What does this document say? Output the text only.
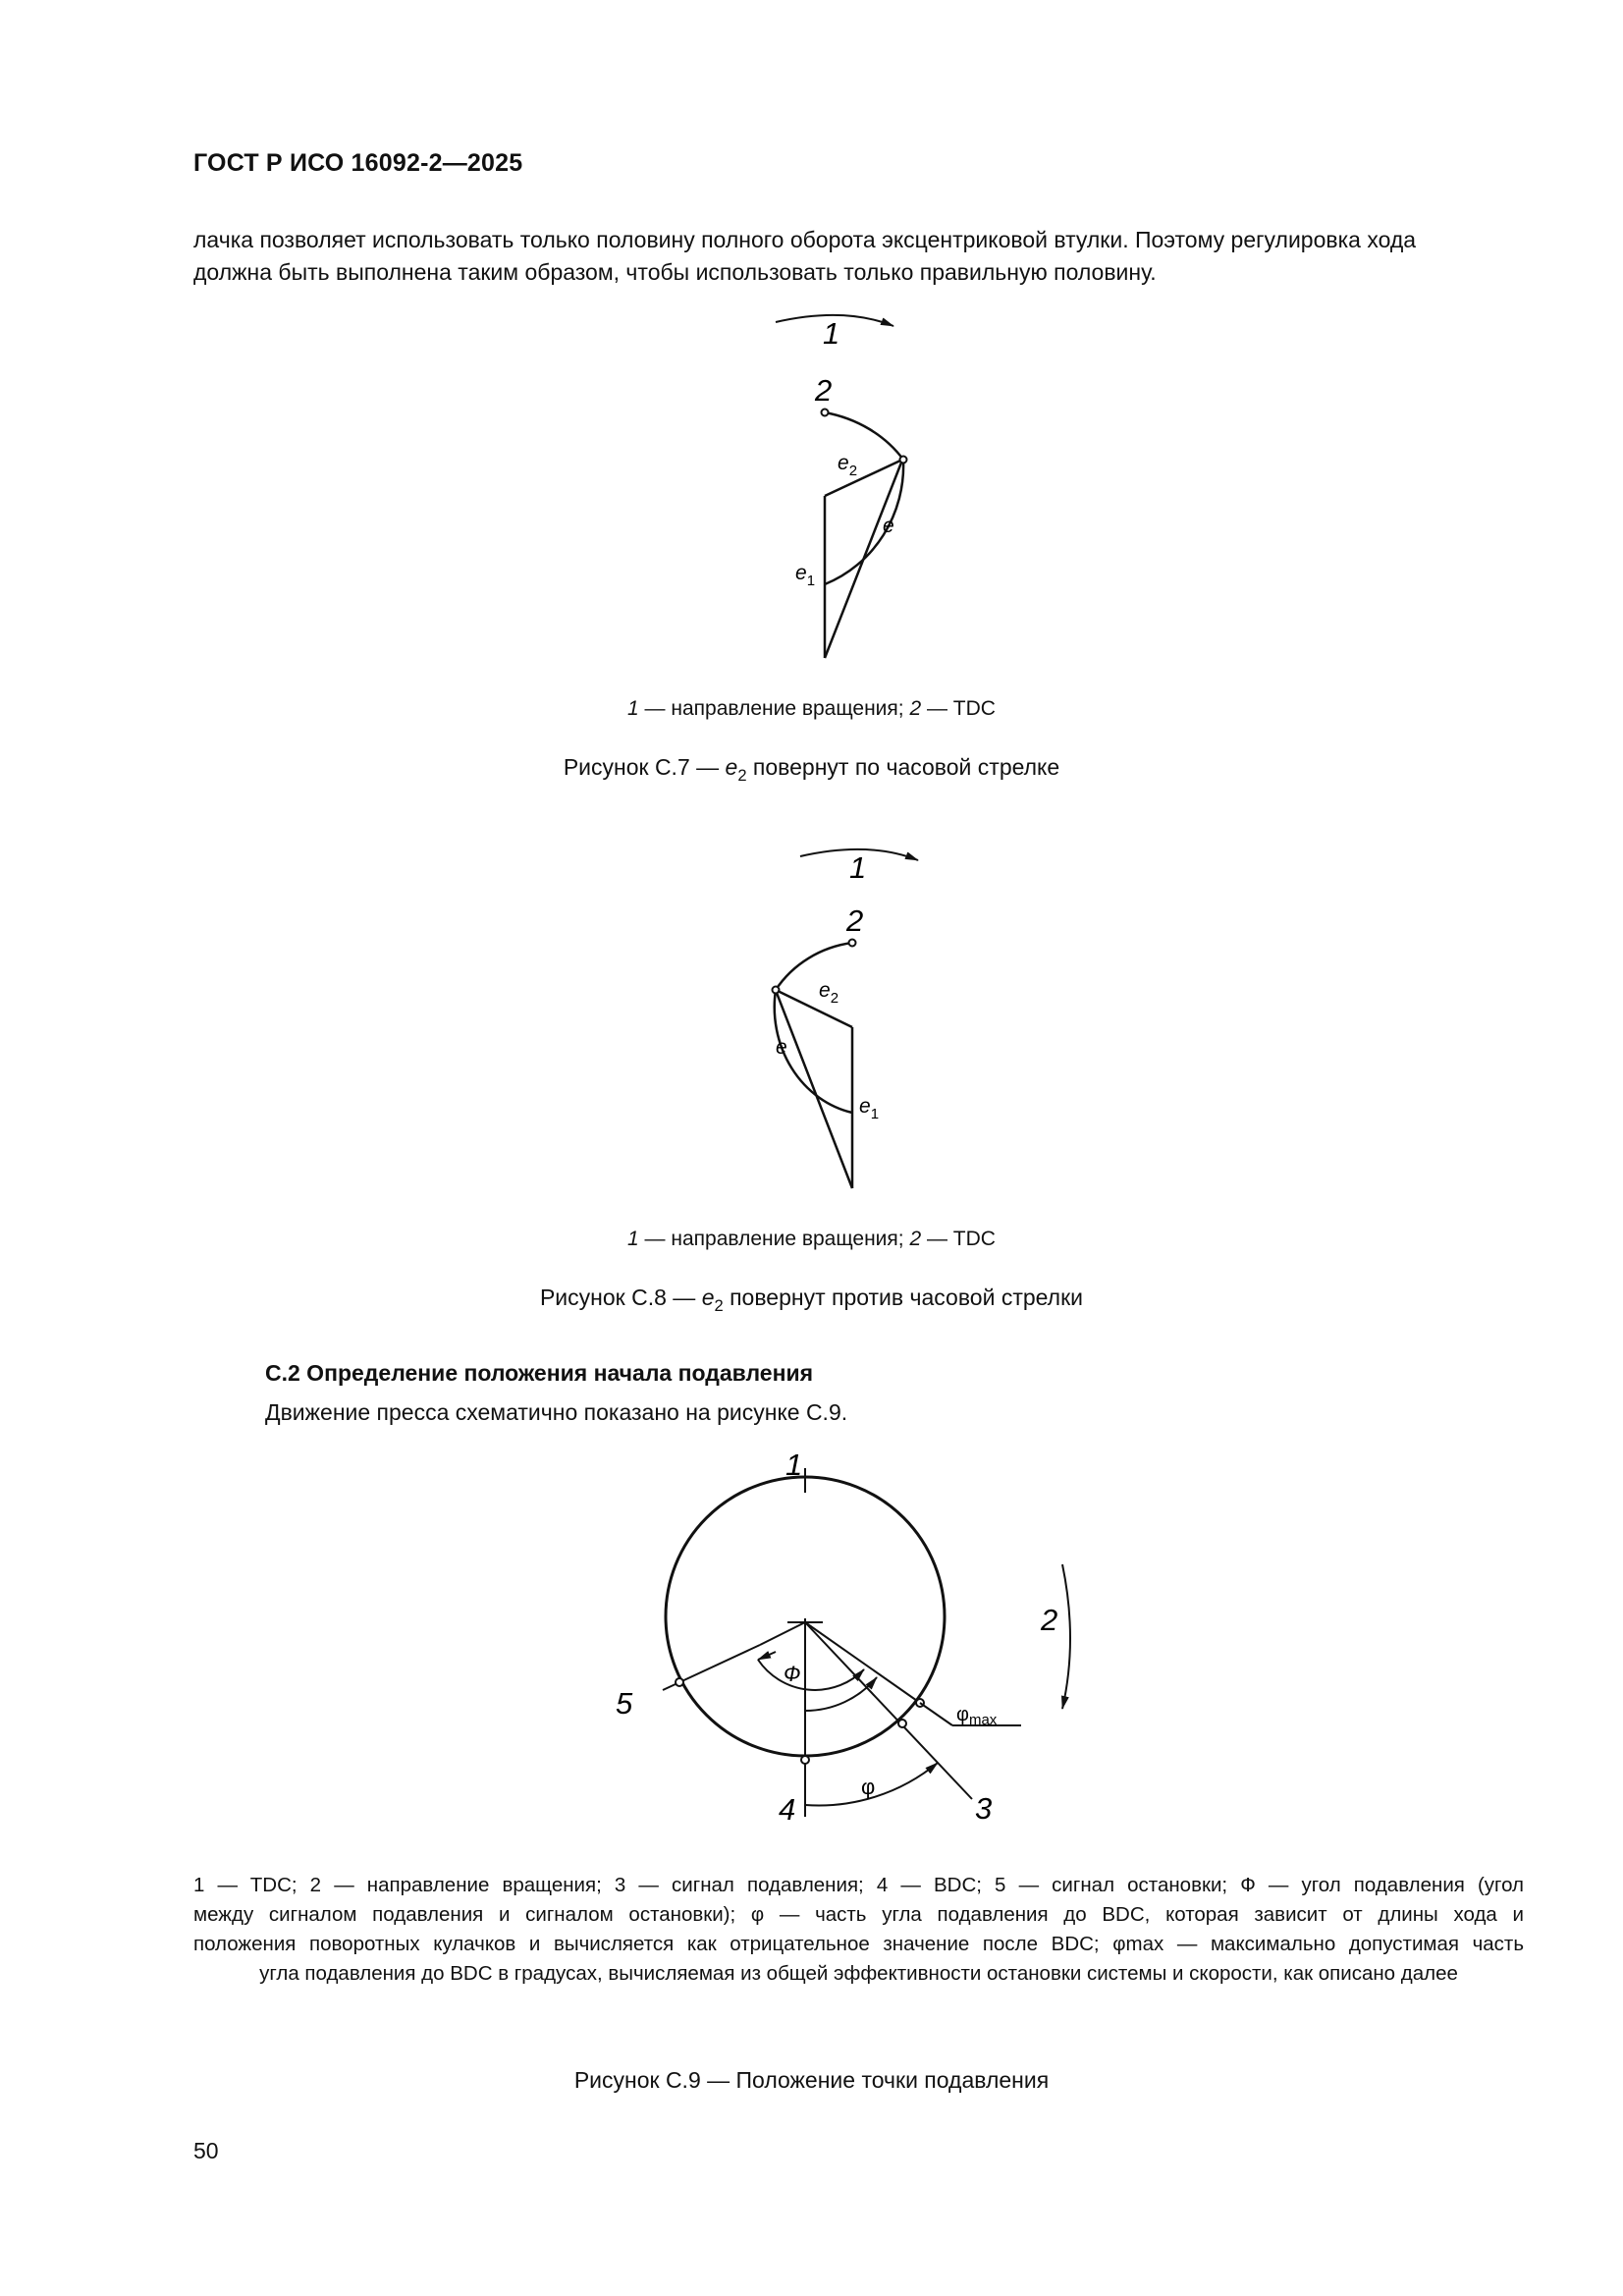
ГОСТ Р ИСО 16092-2—2025
лачка позволяет использовать только половину полного оборота эксцентриковой втулки. Поэтому регулировка хода
должна быть выполнена таким образом, чтобы использовать только правильную половину.
1
2
$e_2$
e
$e_1$
1
2
$e_2$
e
$e_1$
1
4
5
3
$\varphi_{max}$
Ф
φ
2
1 — направление вращения; 2 — TDC
Рисунок С.7 — $e_2$ повернут по часовой стрелке
1 — направление вращения; 2 — TDC
Рисунок С.8 — $e_2$ повернут против часовой стрелки
С.2 Определение положения начала подавления
Движение пресса схематично показано на рисунке С.9.
1 — TDC; 2 — направление вращения; 3 — сигнал подавления; 4 — BDC; 5 — сигнал остановки; Ф — угол подавления (угол
между сигналом подавления и сигналом остановки); φ — часть угла подавления до BDC, которая зависит от длины хода и
положения поворотных кулачков и вычисляется как отрицательное значение после BDC; φmax — максимально допустимая часть
угла подавления до BDC в градусах, вычисляемая из общей эффективности остановки системы и скорости, как описано далее
Рисунок С.9 — Положение точки подавления
50
